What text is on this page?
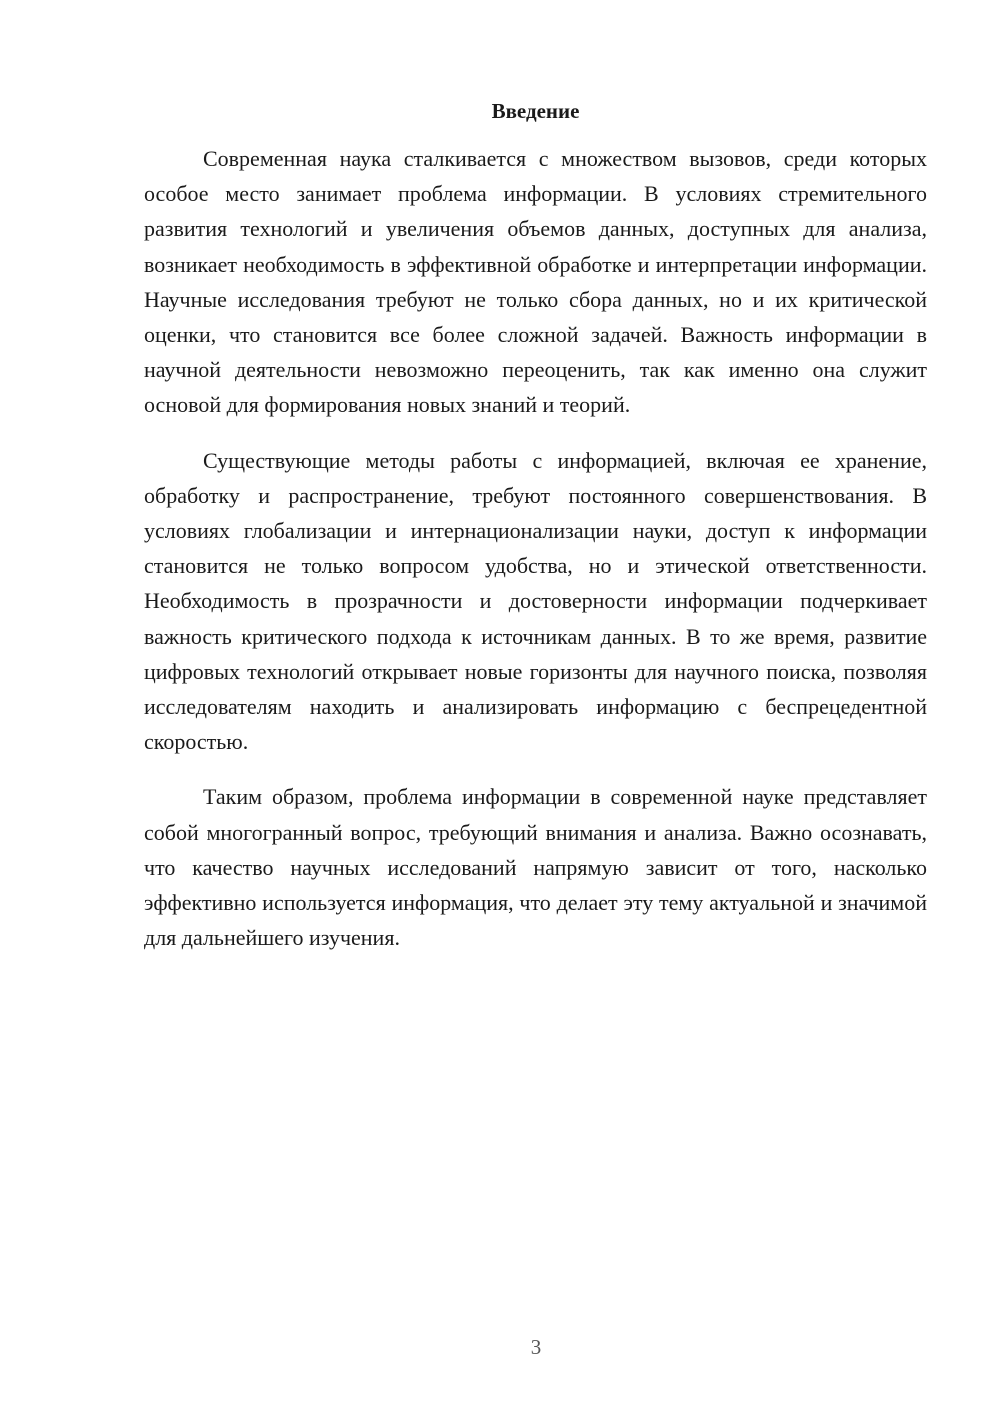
Введение

Современная наука сталкивается с множеством вызовов, среди которых особое место занимает проблема информации. В условиях стремительного развития технологий и увеличения объемов данных, доступных для анализа, возникает необходимость в эффективной обработке и интерпретации информации. Научные исследования требуют не только сбора данных, но и их критической оценки, что становится все более сложной задачей. Важность информации в научной деятельности невозможно переоценить, так как именно она служит основой для формирования новых знаний и теорий.

Существующие методы работы с информацией, включая ее хранение, обработку и распространение, требуют постоянного совершенствования. В условиях глобализации и интернационализации науки, доступ к информации становится не только вопросом удобства, но и этической ответственности. Необходимость в прозрачности и достоверности информации подчеркивает важность критического подхода к источникам данных. В то же время, развитие цифровых технологий открывает новые горизонты для научного поиска, позволяя исследователям находить и анализировать информацию с беспрецедентной скоростью.

Таким образом, проблема информации в современной науке представляет собой многогранный вопрос, требующий внимания и анализа. Важно осознавать, что качество научных исследований напрямую зависит от того, насколько эффективно используется информация, что делает эту тему актуальной и значимой для дальнейшего изучения.

3
